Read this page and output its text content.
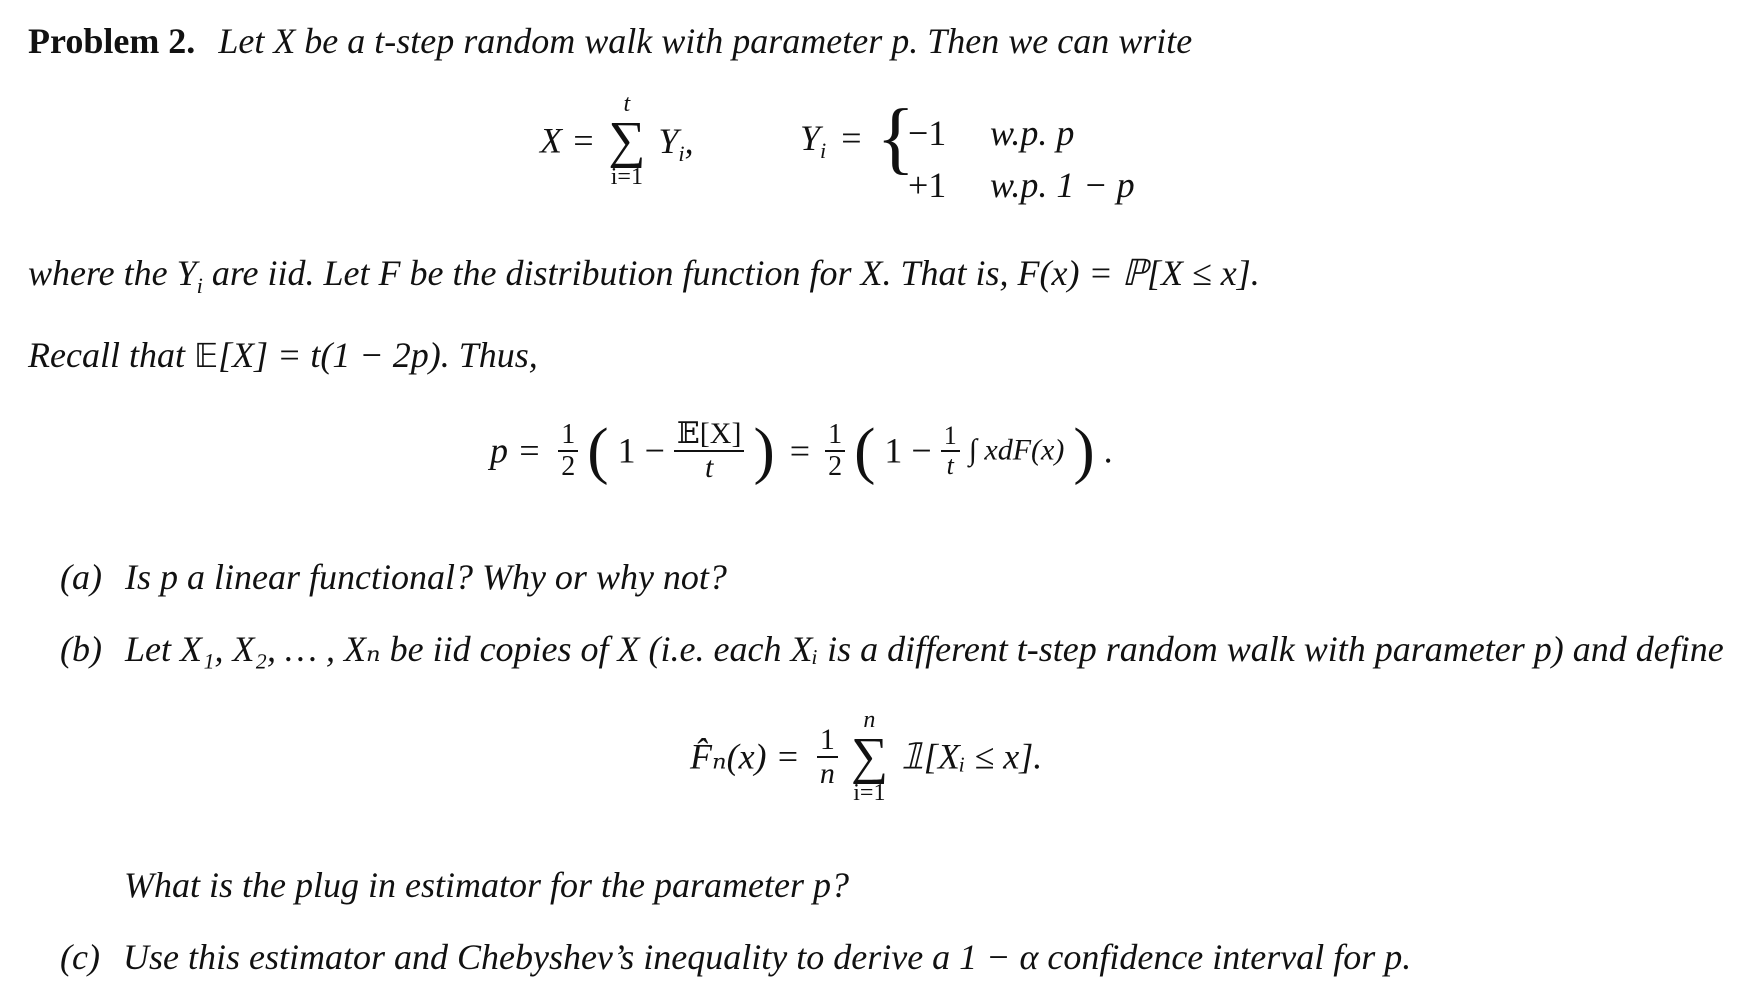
Problem 2. Let X be a t-step random walk with parameter p. Then we can write
X =
t
∑
i=1
$Y_i$,	$Y_i$ = {
−1 w.p. p
+1 w.p. 1 − p
where the $Y_i$ are iid. Let F be the distribution function for X. That is, F(x) = ℙ[X ≤ x].
Recall that 𝔼[X] = t(1 − 2p). Thus,
$p = \frac{1}{2}$ ( $1 - \frac{\text{𝔼[X]}}{t}$ ) = $\frac{1}{2}$ ( $1 - \frac{1}{t}$ ∫ xdF(x) ) .
(a) Is p a linear functional? Why or why not?
(b) Let X₁, X₂, … , Xₙ be iid copies of X (i.e. each Xᵢ is a different t-step random walk with parameter p) and define
F̂ₙ(x) = $\frac{1}{n}$

n
∑
i=1
𝟙[Xᵢ ≤ x].
What is the plug in estimator for the parameter p?
(c) Use this estimator and Chebyshev’s inequality to derive a 1 − α confidence interval for p.
